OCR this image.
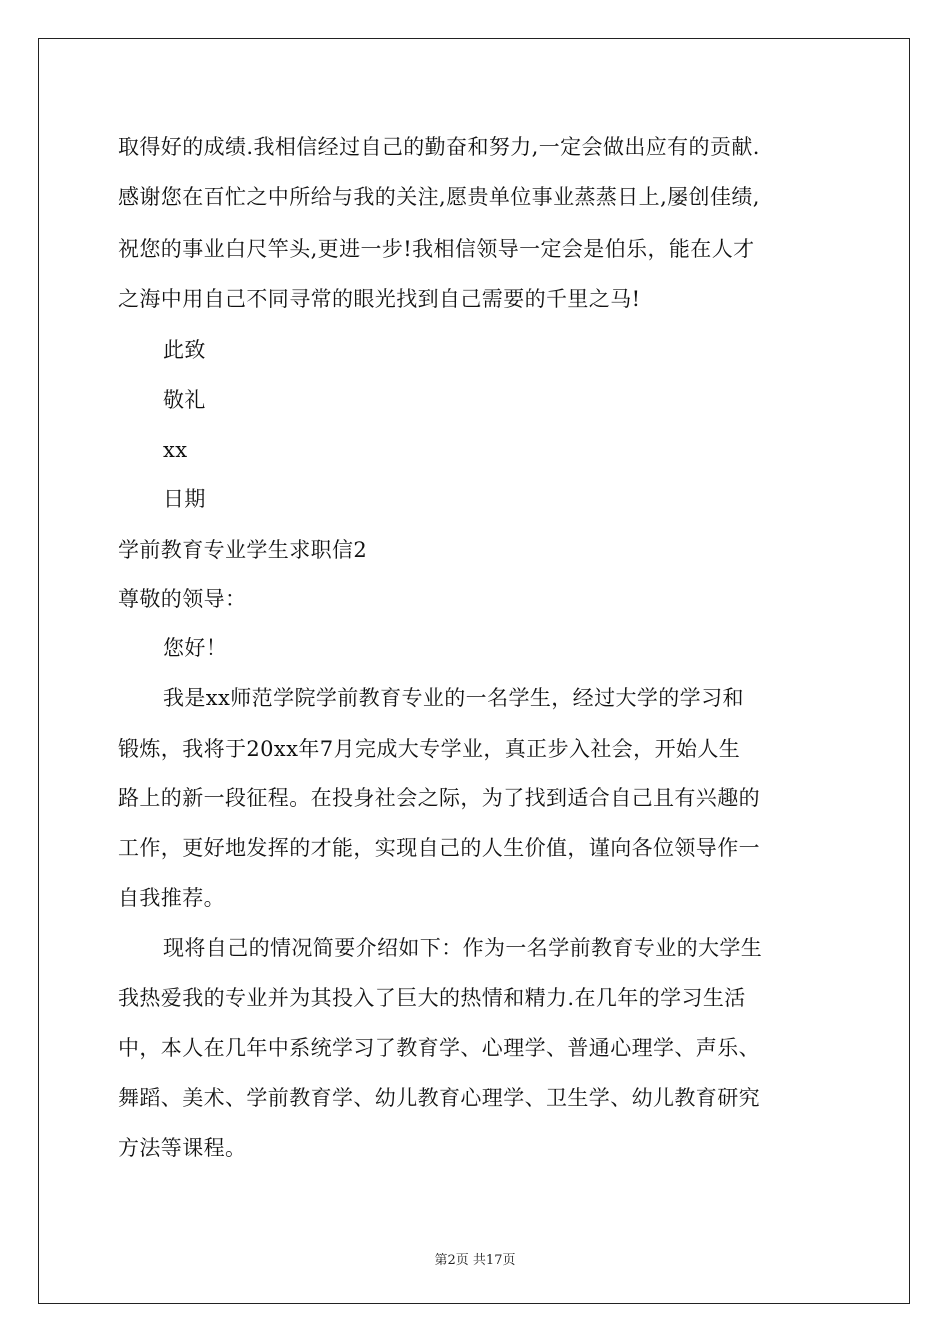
取得好的成绩.我相信经过自己的勤奋和努力,一定会做出应有的贡献.
感谢您在百忙之中所给与我的关注,愿贵单位事业蒸蒸日上,屡创佳绩,
祝您的事业白尺竿头,更进一步!我相信领导一定会是伯乐，能在人才
之海中用自己不同寻常的眼光找到自己需要的千里之马!
此致
敬礼
xx
日期
学前教育专业学生求职信2
尊敬的领导：
您好！
我是xx师范学院学前教育专业的一名学生，经过大学的学习和
锻炼，我将于20xx年7月完成大专学业，真正步入社会，开始人生
路上的新一段征程。在投身社会之际，为了找到适合自己且有兴趣的
工作，更好地发挥的才能，实现自己的人生价值，谨向各位领导作一
自我推荐。
现将自己的情况简要介绍如下：作为一名学前教育专业的大学生
我热爱我的专业并为其投入了巨大的热情和精力.在几年的学习生活
中，本人在几年中系统学习了教育学、心理学、普通心理学、声乐、
舞蹈、美术、学前教育学、幼儿教育心理学、卫生学、幼儿教育研究
方法等课程。
第2页 共17页
